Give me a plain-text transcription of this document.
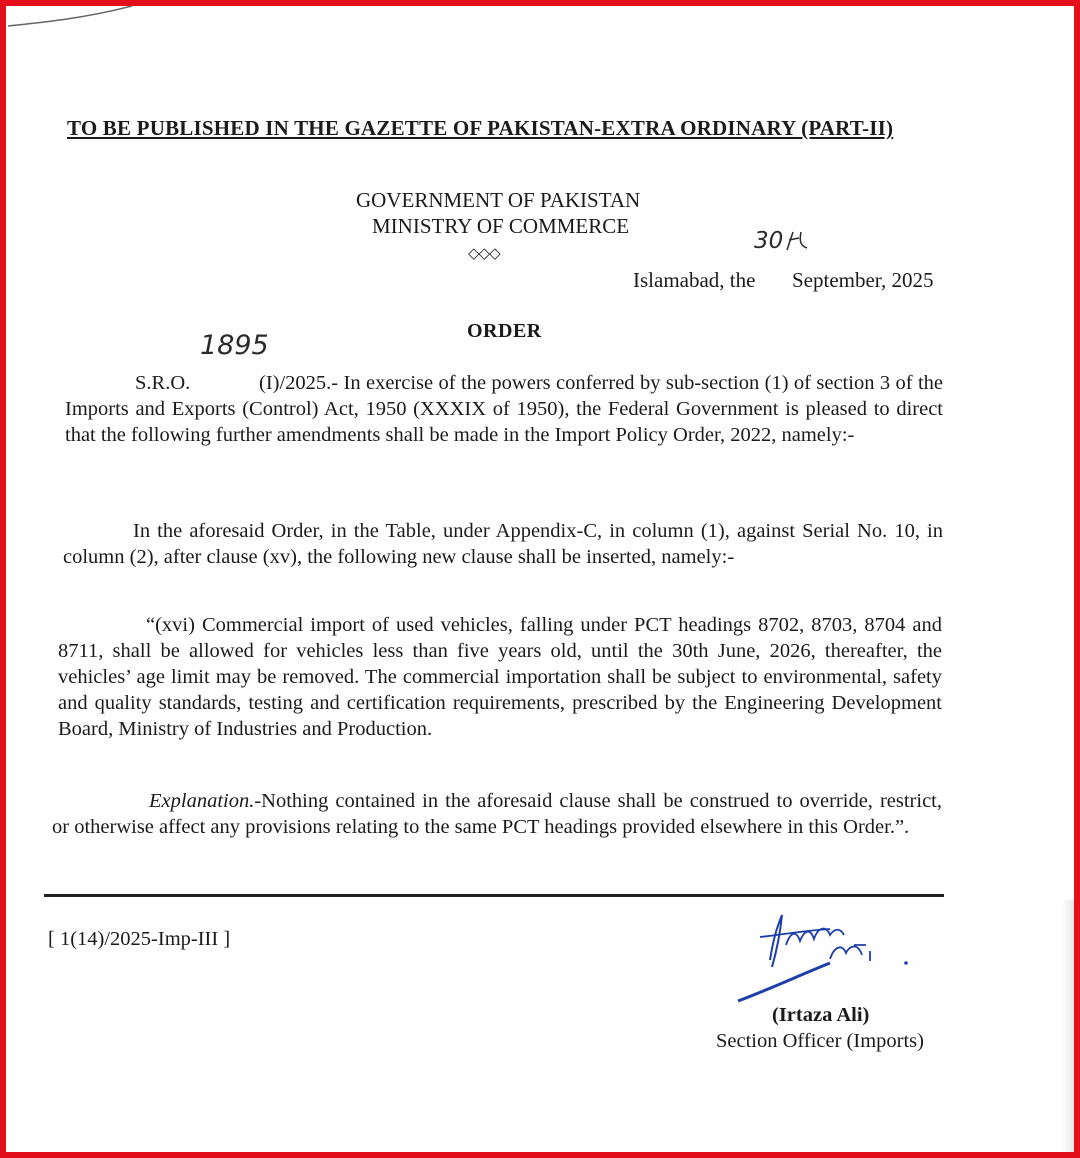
TO BE PUBLISHED IN THE GAZETTE OF PAKISTAN-EXTRA ORDINARY (PART-II)
GOVERNMENT OF PAKISTAN
MINISTRY OF COMMERCE
◇◇◇	30
Islamabad, the September, 2025
ORDER
1895
S.R.O.	(I)/2025.- In exercise of the powers conferred by sub-section (1) of section 3 of the Imports and Exports (Control) Act, 1950 (XXXIX of 1950), the Federal Government is pleased to direct that the following further amendments shall be made in the Import Policy Order, 2022, namely:-
In the aforesaid Order, in the Table, under Appendix-C, in column (1), against Serial No. 10, in column (2), after clause (xv), the following new clause shall be inserted, namely:-
“(xvi) Commercial import of used vehicles, falling under PCT headings 8702, 8703, 8704 and 8711, shall be allowed for vehicles less than five years old, until the 30th June, 2026, thereafter, the vehicles’ age limit may be removed. The commercial importation shall be subject to environmental, safety and quality standards, testing and certification requirements, prescribed by the Engineering Development Board, Ministry of Industries and Production.
Explanation.-Nothing contained in the aforesaid clause shall be construed to override, restrict, or otherwise affect any provisions relating to the same PCT headings provided elsewhere in this Order.”.
[ 1(14)/2025-Imp-III ]
(Irtaza Ali)
Section Officer (Imports)
